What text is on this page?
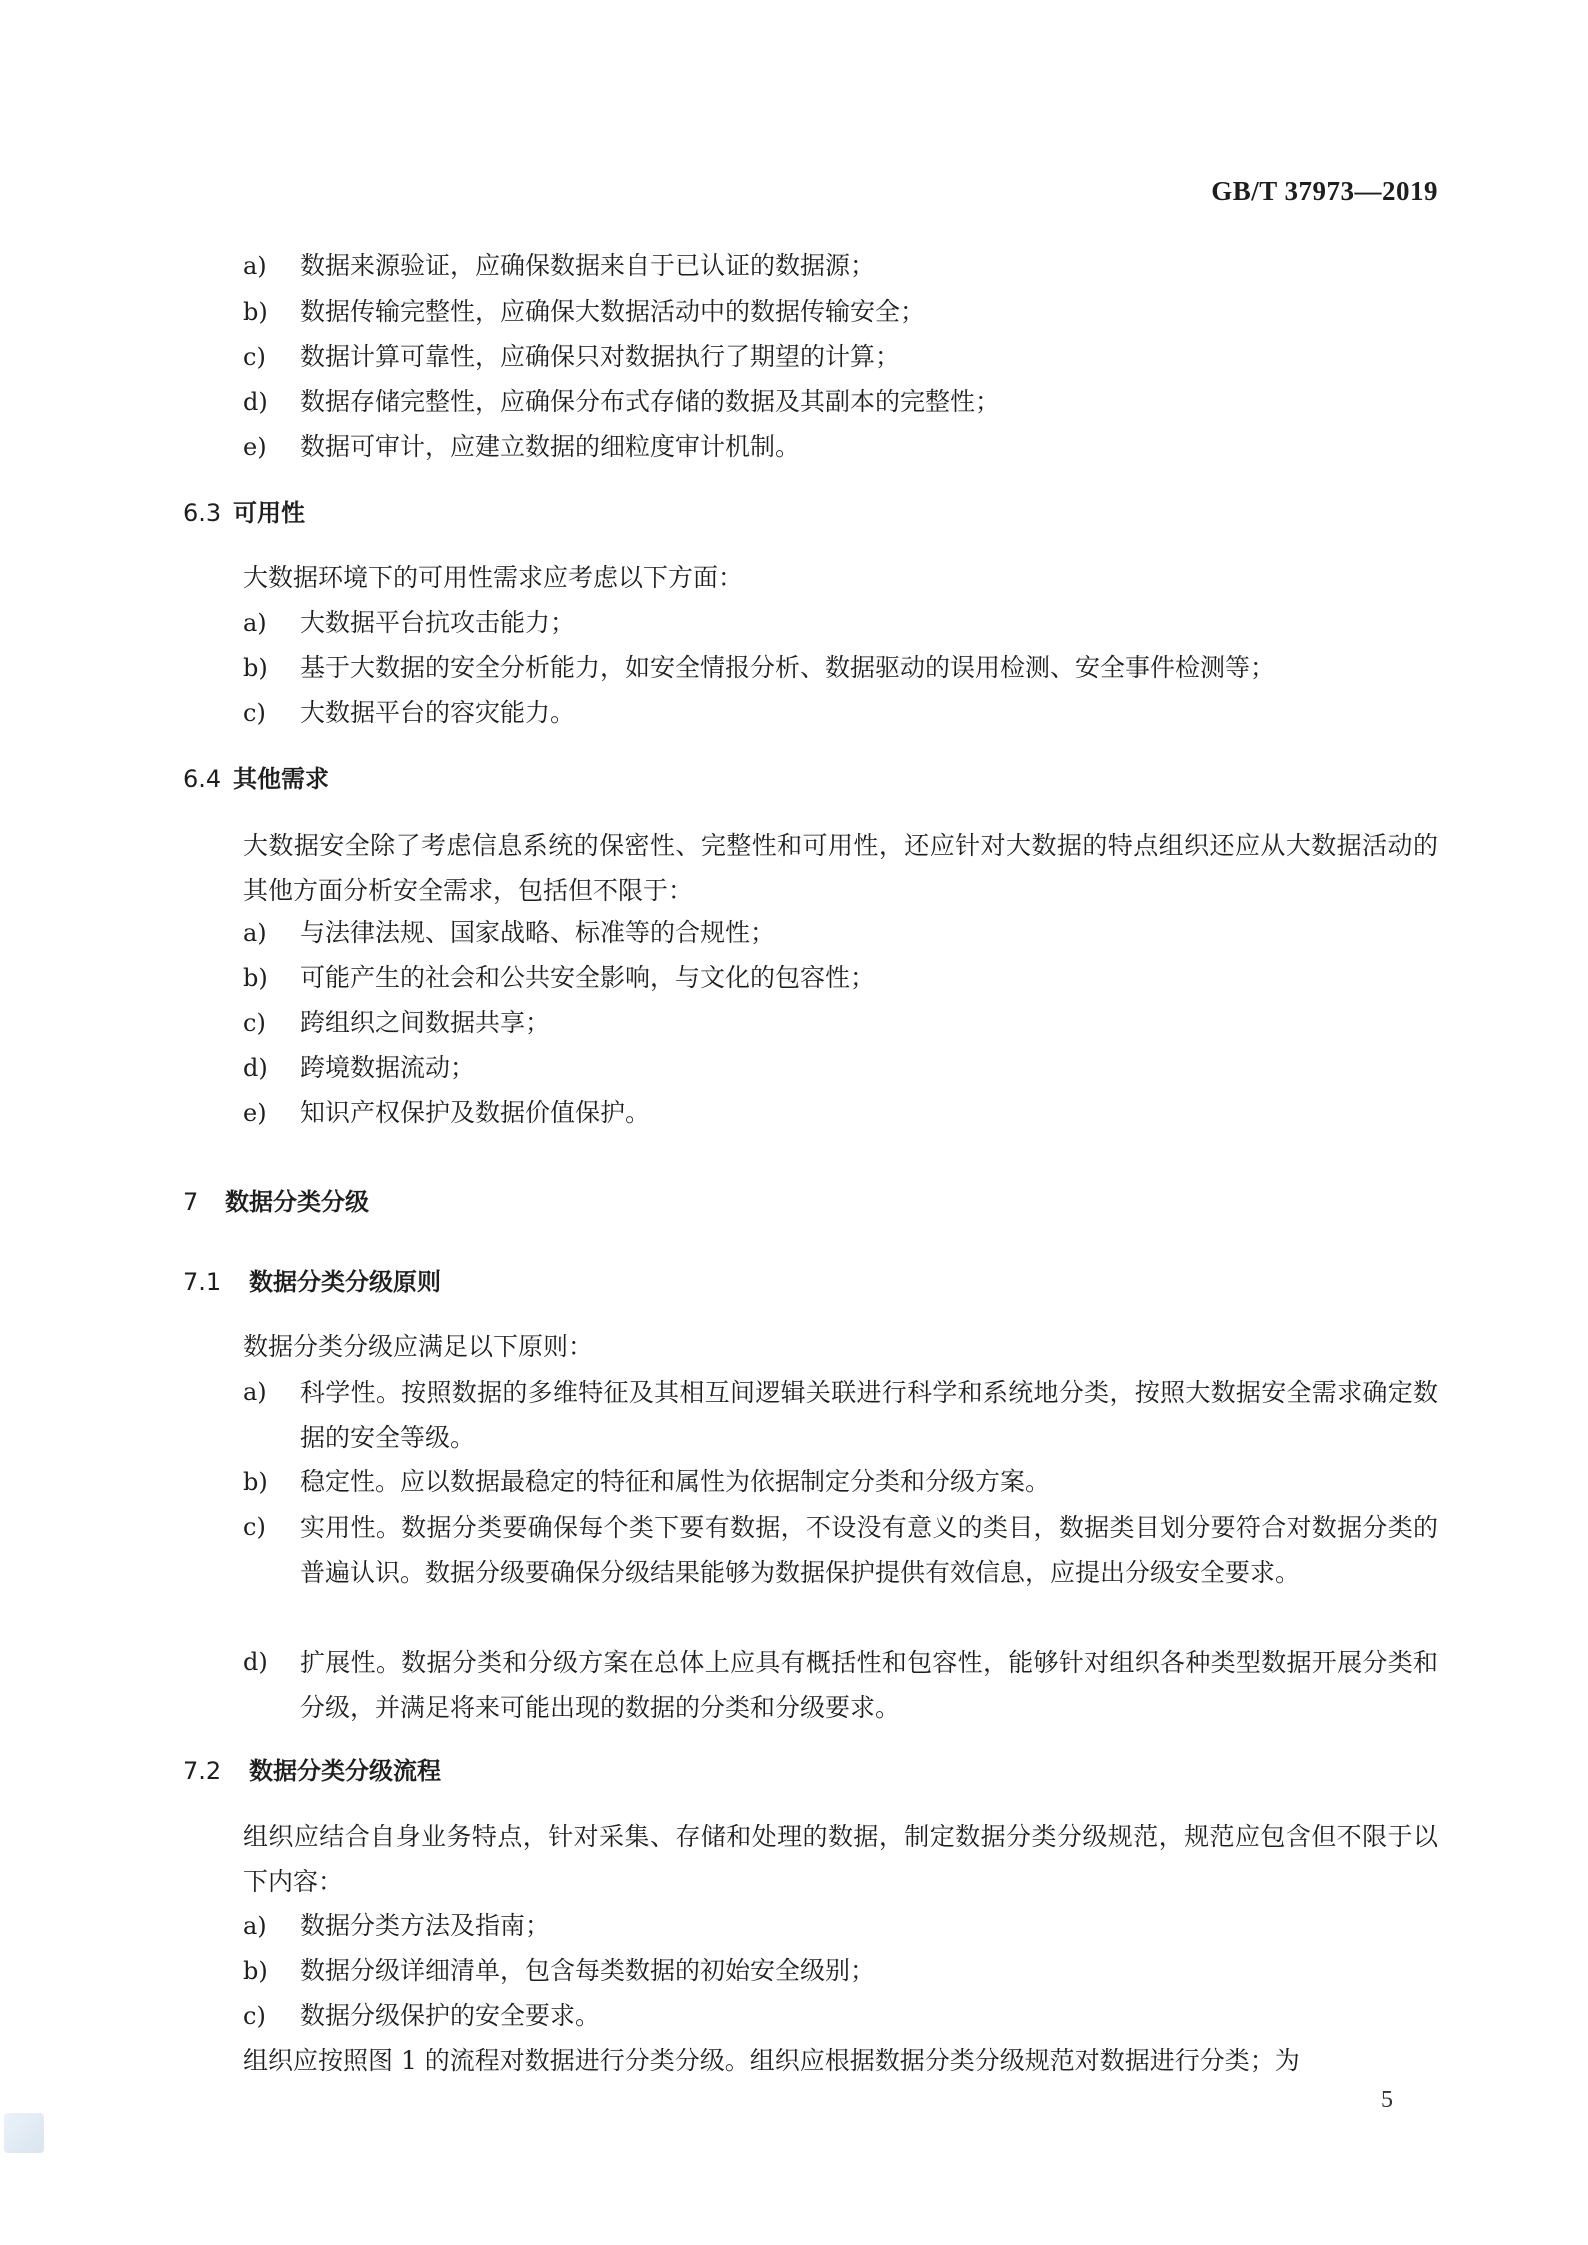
GB/T 37973—2019
a) 数据来源验证，应确保数据来自于已认证的数据源；
b) 数据传输完整性，应确保大数据活动中的数据传输安全；
c) 数据计算可靠性，应确保只对数据执行了期望的计算；
d) 数据存储完整性，应确保分布式存储的数据及其副本的完整性；
e) 数据可审计，应建立数据的细粒度审计机制。
6.3 可用性
大数据环境下的可用性需求应考虑以下方面：
a) 大数据平台抗攻击能力；
b) 基于大数据的安全分析能力，如安全情报分析、数据驱动的误用检测、安全事件检测等；
c) 大数据平台的容灾能力。
6.4 其他需求
大数据安全除了考虑信息系统的保密性、完整性和可用性，还应针对大数据的特点组织还应从大数据活动的其他方面分析安全需求，包括但不限于：
a) 与法律法规、国家战略、标准等的合规性；
b) 可能产生的社会和公共安全影响，与文化的包容性；
c) 跨组织之间数据共享；
d) 跨境数据流动；
e) 知识产权保护及数据价值保护。
7 数据分类分级
7.1 数据分类分级原则
数据分类分级应满足以下原则：
a) 科学性。按照数据的多维特征及其相互间逻辑关联进行科学和系统地分类，按照大数据安全需求确定数据的安全等级。
b) 稳定性。应以数据最稳定的特征和属性为依据制定分类和分级方案。
c) 实用性。数据分类要确保每个类下要有数据，不设没有意义的类目，数据类目划分要符合对数据分类的普遍认识。数据分级要确保分级结果能够为数据保护提供有效信息，应提出分级安全要求。
d) 扩展性。数据分类和分级方案在总体上应具有概括性和包容性，能够针对组织各种类型数据开展分类和分级，并满足将来可能出现的数据的分类和分级要求。
7.2 数据分类分级流程
组织应结合自身业务特点，针对采集、存储和处理的数据，制定数据分类分级规范，规范应包含但不限于以下内容：
a) 数据分类方法及指南；
b) 数据分级详细清单，包含每类数据的初始安全级别；
c) 数据分级保护的安全要求。
组织应按照图 1 的流程对数据进行分类分级。组织应根据数据分类分级规范对数据进行分类；为
5
